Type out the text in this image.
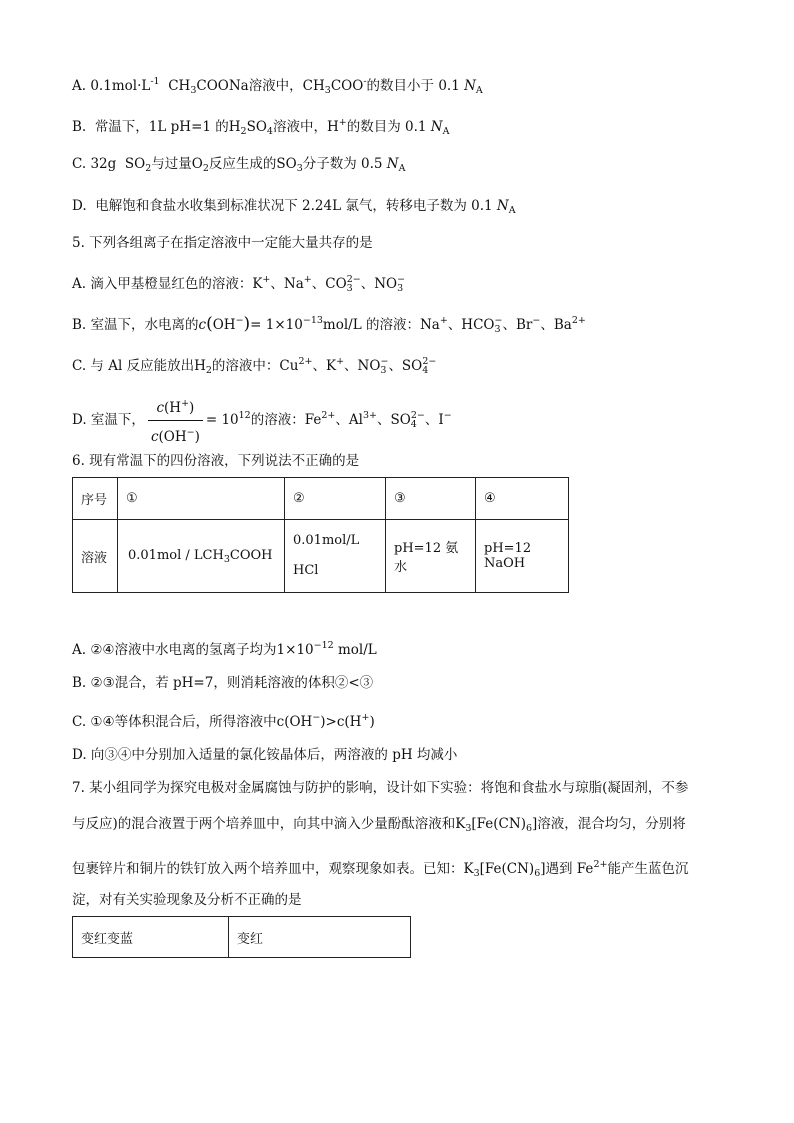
A. $0.1mol\cdot L^{-1}$ $CH_3COONa$溶液中，$CH_3COO^-$的数目小于 0.1 $N_A$
B. 常温下，1L pH=1 的$H_2SO_4$溶液中，H+的数目为 0.1 $N_A$
C. 32g $SO_2$与过量$O_2$反应生成的$SO_3$分子数为 0.5 $N_A$
D. 电解饱和食盐水收集到标准状况下 2.24L 氯气，转移电子数为 0.1 $N_A$
5. 下列各组离子在指定溶液中一定能大量共存的是
A. 滴入甲基橙显红色的溶液：K+、Na+、$CO_3^{2-}$、$NO_3^-$
B. 室温下，水电离的$c(OH^-)= 1\times 10^{-13}mol/L$ 的溶液：Na+、$HCO_3^-$、Br−、$Ba^{2+}$
C. 与 Al 反应能放出$H_2$的溶液中：$Cu^{2+}$、K+、$NO_3^-$、$SO_4^{2-}$
D. 室温下， $\frac{c(H^+)}{c(OH^-)} = 10^{12}$的溶液：$Fe^{2+}$、$Al^{3+}$、$SO_4^{2-}$、I−
6. 现有常温下的四份溶液，下列说法不正确的是
序号	①	②	③	④
溶液	$0.01mol / LCH_3COOH$	0.01mol/L
HCl	pH=12 氨水	pH=12 NaOH
A. ②④溶液中水电离的氢离子均为$1\times 10^{-12}$ mol/L
B. ②③混合，若 pH=7，则消耗溶液的体积②<③
C. ①④等体积混合后，所得溶液中c(OH−)>c(H+)
D. 向③④中分别加入适量的氯化铵晶体后，两溶液的 pH 均减小
7. 某小组同学为探究电极对金属腐蚀与防护的影响，设计如下实验：将饱和食盐水与琼脂(凝固剂，不参
与反应)的混合液置于两个培养皿中，向其中滴入少量酚酞溶液和$K_3[Fe(CN)_6]$溶液，混合均匀，分别将
包裹锌片和铜片的铁钉放入两个培养皿中，观察现象如表。已知：$K_3[Fe(CN)_6]$遇到 $Fe^{2+}$能产生蓝色沉
淀，对有关实验现象及分析不正确的是
变红变蓝	变红
